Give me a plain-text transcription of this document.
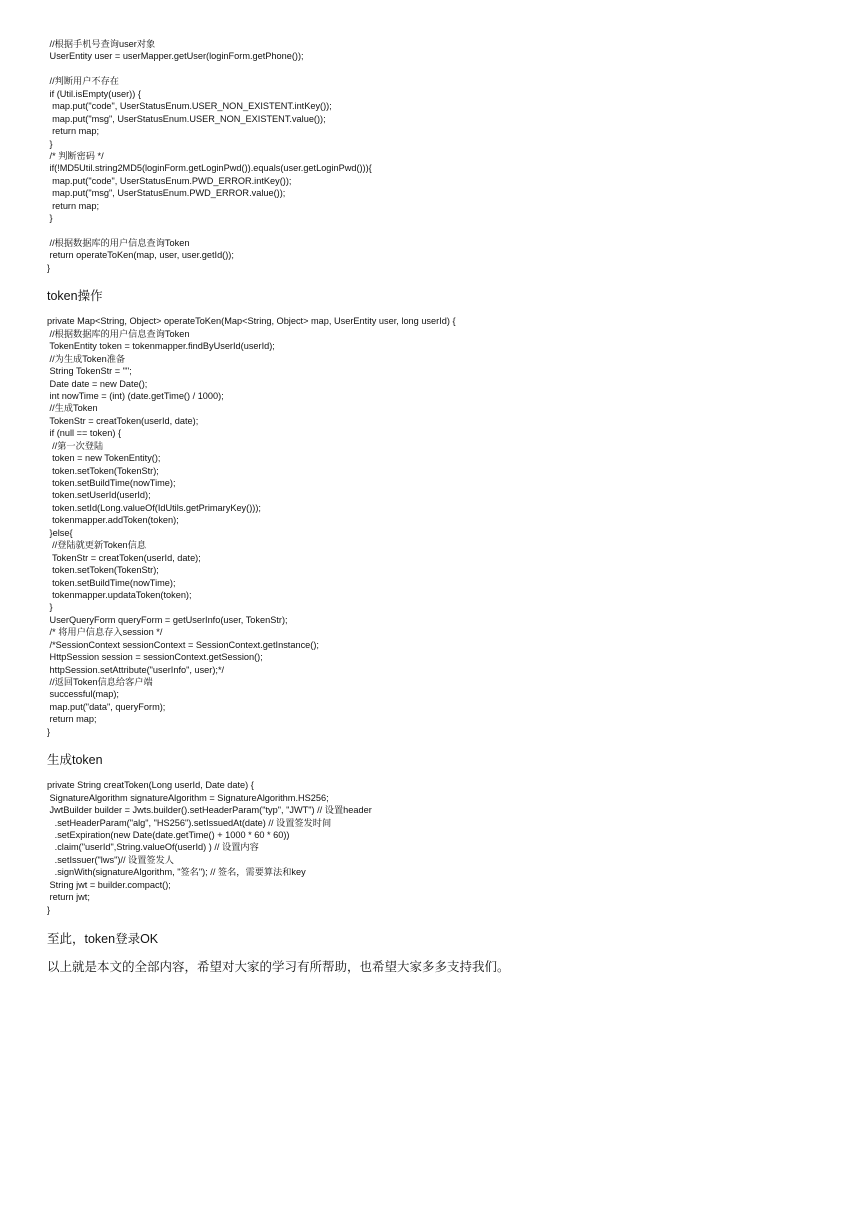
//根据手机号查询user对象
UserEntity user = userMapper.getUser(loginForm.getPhone());
//判断用户不存在
if (Util.isEmpty(user)) {
map.put("code", UserStatusEnum.USER_NON_EXISTENT.intKey());
map.put("msg", UserStatusEnum.USER_NON_EXISTENT.value());
return map;
}
/* 判断密码 */
if(!MD5Util.string2MD5(loginForm.getLoginPwd()).equals(user.getLoginPwd())){
map.put("code", UserStatusEnum.PWD_ERROR.intKey());
map.put("msg", UserStatusEnum.PWD_ERROR.value());
return map;
}
//根据数据库的用户信息查询Token
return operateToKen(map, user, user.getId());
}
token操作
private Map<String, Object> operateToKen(Map<String, Object> map, UserEntity user, long userId) {
//根据数据库的用户信息查询Token
TokenEntity token = tokenmapper.findByUserId(userId);
//为生成Token准备
String TokenStr = "";
Date date = new Date();
int nowTime = (int) (date.getTime() / 1000);
//生成Token
TokenStr = creatToken(userId, date);
if (null == token) {
//第一次登陆
token = new TokenEntity();
token.setToken(TokenStr);
token.setBuildTime(nowTime);
token.setUserId(userId);
token.setId(Long.valueOf(IdUtils.getPrimaryKey()));
tokenmapper.addToken(token);
}else{
//登陆就更新Token信息
TokenStr = creatToken(userId, date);
token.setToken(TokenStr);
token.setBuildTime(nowTime);
tokenmapper.updataToken(token);
}
UserQueryForm queryForm = getUserInfo(user, TokenStr);
/* 将用户信息存入session */
/*SessionContext sessionContext = SessionContext.getInstance();
HttpSession session = sessionContext.getSession();
httpSession.setAttribute("userInfo", user);*/
//返回Token信息给客户端
successful(map);
map.put("data", queryForm);
return map;
}
生成token
private String creatToken(Long userId, Date date) {
SignatureAlgorithm signatureAlgorithm = SignatureAlgorithm.HS256;
JwtBuilder builder = Jwts.builder().setHeaderParam("typ", "JWT") // 设置header
.setHeaderParam("alg", "HS256").setIssuedAt(date) // 设置签发时间
.setExpiration(new Date(date.getTime() + 1000 * 60 * 60))
.claim("userId",String.valueOf(userId) ) // 设置内容
.setIssuer("lws")// 设置签发人
.signWith(signatureAlgorithm, "签名"); // 签名，需要算法和key
String jwt = builder.compact();
return jwt;
}
至此，token登录OK
以上就是本文的全部内容，希望对大家的学习有所帮助，也希望大家多多支持我们。
